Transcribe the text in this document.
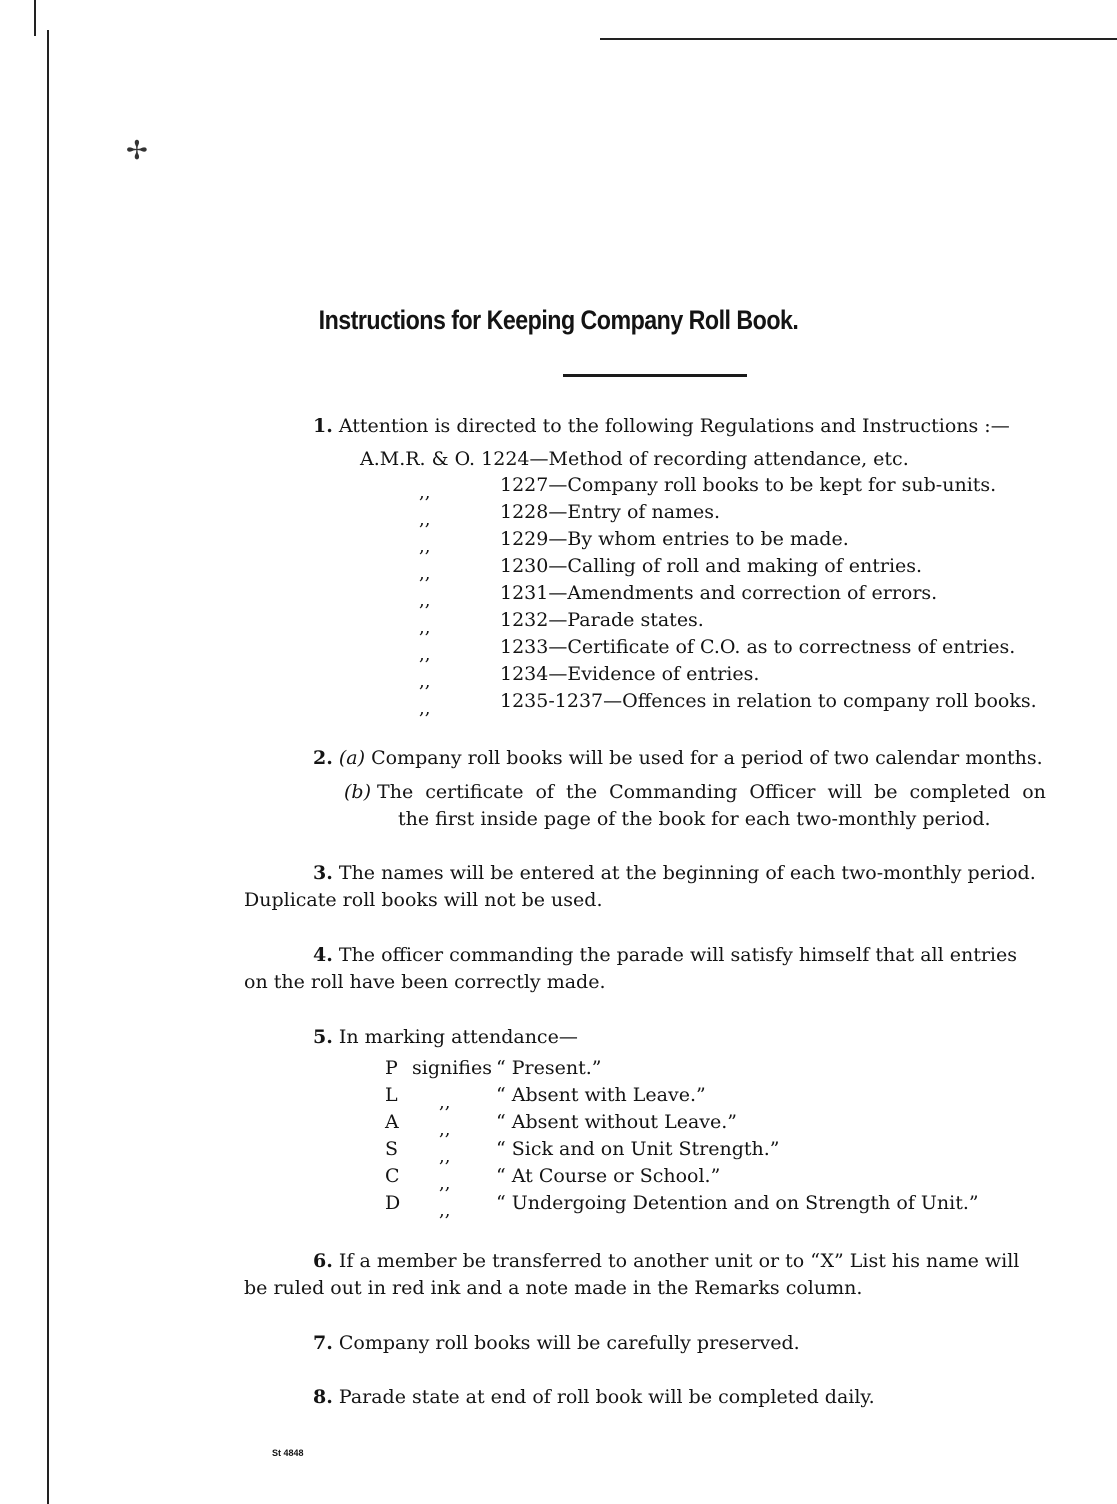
✢
Instructions for Keeping Company Roll Book.
1. Attention is directed to the following Regulations and Instructions :—
A.M.R. & O. 1224—Method of recording attendance, etc.
,,	1227—Company roll books to be kept for sub-units.
,,	1228—Entry of names.
,,	1229—By whom entries to be made.
,,	1230—Calling of roll and making of entries.
,,	1231—Amendments and correction of errors.
,,	1232—Parade states.
,,	1233—Certificate of C.O. as to correctness of entries.
,,	1234—Evidence of entries.
,,	1235-1237—Offences in relation to company roll books.
2. (a) Company roll books will be used for a period of two calendar months.
(b) The certificate of the Commanding Officer will be completed on
the first inside page of the book for each two-monthly period.
3. The names will be entered at the beginning of each two-monthly period.
Duplicate roll books will not be used.
4. The officer commanding the parade will satisfy himself that all entries
on the roll have been correctly made.
5. In marking attendance—
P signifies “ Present.”
L ,, “ Absent with Leave.”
A ,, “ Absent without Leave.”
S ,, “ Sick and on Unit Strength.”
C ,, “ At Course or School.”
D ,, “ Undergoing Detention and on Strength of Unit.”
6. If a member be transferred to another unit or to “X” List his name will
be ruled out in red ink and a note made in the Remarks column.
7. Company roll books will be carefully preserved.
8. Parade state at end of roll book will be completed daily.
St 4848
